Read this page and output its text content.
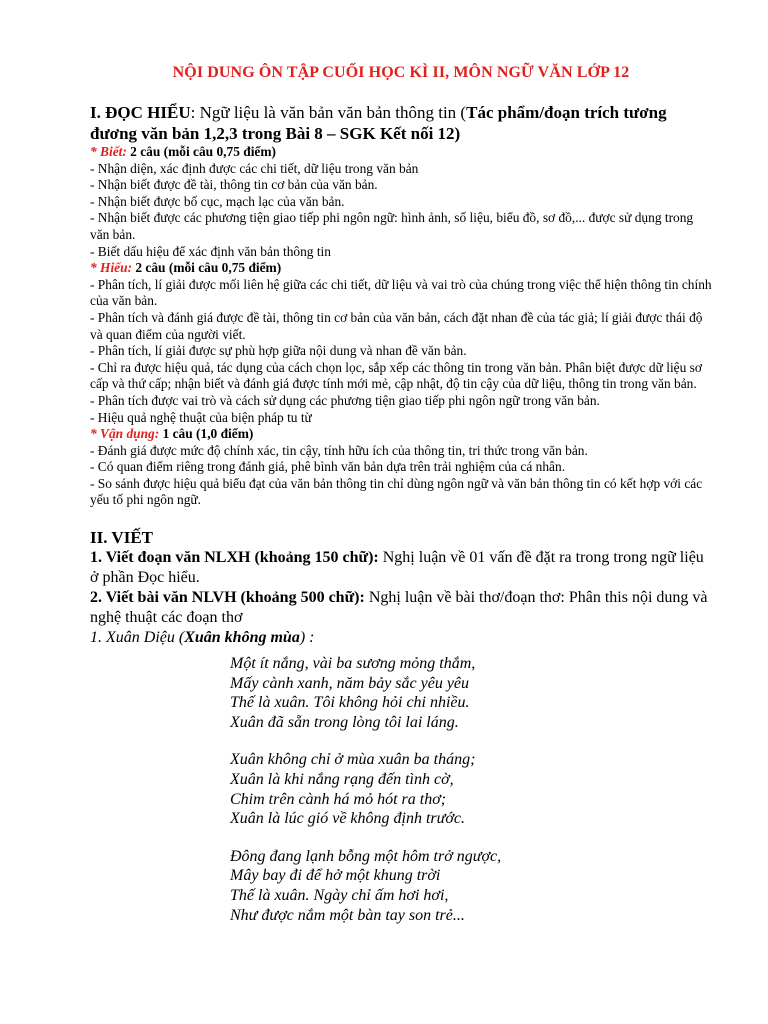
NỘI DUNG ÔN TẬP CUỐI HỌC KÌ II, MÔN NGỮ VĂN LỚP 12

I. ĐỌC HIỂU: Ngữ liệu là văn bản văn bản thông tin (Tác phẩm/đoạn trích tương đương văn bản 1,2,3 trong Bài 8 – SGK Kết nối 12)

* Biết: 2 câu (mỗi câu 0,75 điểm)

- Nhận diện, xác định được các chi tiết, dữ liệu trong văn bản

- Nhận biết được đề tài, thông tin cơ bản của văn bản.

- Nhận biết được bố cục, mạch lạc của văn bản.

- Nhận biết được các phương tiện giao tiếp phi ngôn ngữ: hình ảnh, số liệu, biểu đồ, sơ đồ,... được sử dụng trong văn bản.

- Biết dấu hiệu để xác định văn bản thông tin

* Hiểu: 2 câu (mỗi câu 0,75 điểm)

- Phân tích, lí giải được mối liên hệ giữa các chi tiết, dữ liệu và vai trò của chúng trong việc thể hiện thông tin chính của văn bản.

- Phân tích và đánh giá được đề tài, thông tin cơ bản của văn bản, cách đặt nhan đề của tác giả; lí giải được thái độ và quan điểm của người viết.

- Phân tích, lí giải được sự phù hợp giữa nội dung và nhan đề văn bản.

- Chỉ ra được hiệu quả, tác dụng của cách chọn lọc, sắp xếp các thông tin trong văn bản. Phân biệt được dữ liệu sơ cấp và thứ cấp; nhận biết và đánh giá được tính mới mẻ, cập nhật, độ tin cậy của dữ liệu, thông tin trong văn bản.

- Phân tích được vai trò và cách sử dụng các phương tiện giao tiếp phi ngôn ngữ trong văn bản.

- Hiệu quả nghệ thuật của biện pháp tu từ

* Vận dụng: 1 câu (1,0 điểm)

- Đánh giá được mức độ chính xác, tin cậy, tính hữu ích của thông tin, tri thức trong văn bản.

- Có quan điểm riêng trong đánh giá, phê bình văn bản dựa trên trải nghiệm của cá nhân.

- So sánh được hiệu quả biểu đạt của văn bản thông tin chỉ dùng ngôn ngữ và văn bản thông tin có kết hợp với các yếu tố phi ngôn ngữ.

II. VIẾT

1. Viết đoạn văn NLXH (khoảng 150 chữ): Nghị luận về 01 vấn đề đặt ra trong trong ngữ liệu ở phần Đọc hiểu.

2. Viết bài văn NLVH (khoảng 500 chữ): Nghị luận về bài thơ/đoạn thơ: Phân this nội dung và nghệ thuật các đoạn thơ

1. Xuân Diệu (Xuân không mùa) :

Một ít nắng, vài ba sương mỏng thắm,

Mấy cành xanh, năm bảy sắc yêu yêu

Thế là xuân. Tôi không hỏi chi nhiều.

Xuân đã sẵn trong lòng tôi lai láng.

Xuân không chỉ ở mùa xuân ba tháng;

Xuân là khi nắng rạng đến tình cờ,

Chim trên cành há mỏ hót ra thơ;

Xuân là lúc gió về không định trước.

Đông đang lạnh bỗng một hôm trở ngược,

Mây bay đi để hở một khung trời

Thế là xuân. Ngày chỉ ấm hơi hơi,

Như được nắm một bàn tay son trẻ...
